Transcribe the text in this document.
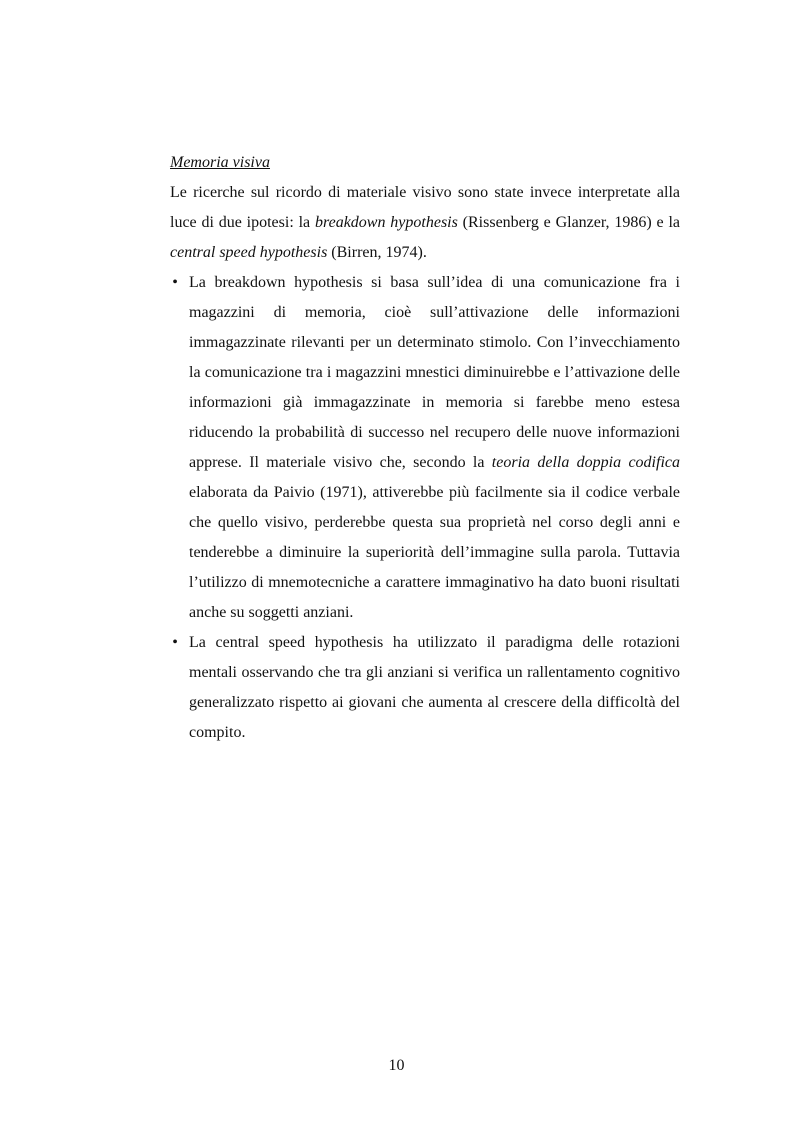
Memoria visiva

Le ricerche sul ricordo di materiale visivo sono state invece interpretate alla luce di due ipotesi: la breakdown hypothesis (Rissenberg e Glanzer, 1986) e la central speed hypothesis (Birren, 1974).

• La breakdown hypothesis si basa sull’idea di una comunicazione fra i magazzini di memoria, cioè sull’attivazione delle informazioni immagazzinate rilevanti per un determinato stimolo. Con l’invecchiamento la comunicazione tra i magazzini mnestici diminuirebbe e l’attivazione delle informazioni già immagazzinate in memoria si farebbe meno estesa riducendo la probabilità di successo nel recupero delle nuove informazioni apprese. Il materiale visivo che, secondo la teoria della doppia codifica elaborata da Paivio (1971), attiverebbe più facilmente sia il codice verbale che quello visivo, perderebbe questa sua proprietà nel corso degli anni e tenderebbe a diminuire la superiorità dell’immagine sulla parola. Tuttavia l’utilizzo di mnemotecniche a carattere immaginativo ha dato buoni risultati anche su soggetti anziani.
• La central speed hypothesis ha utilizzato il paradigma delle rotazioni mentali osservando che tra gli anziani si verifica un rallentamento cognitivo generalizzato rispetto ai giovani che aumenta al crescere della difficoltà del compito.
10
